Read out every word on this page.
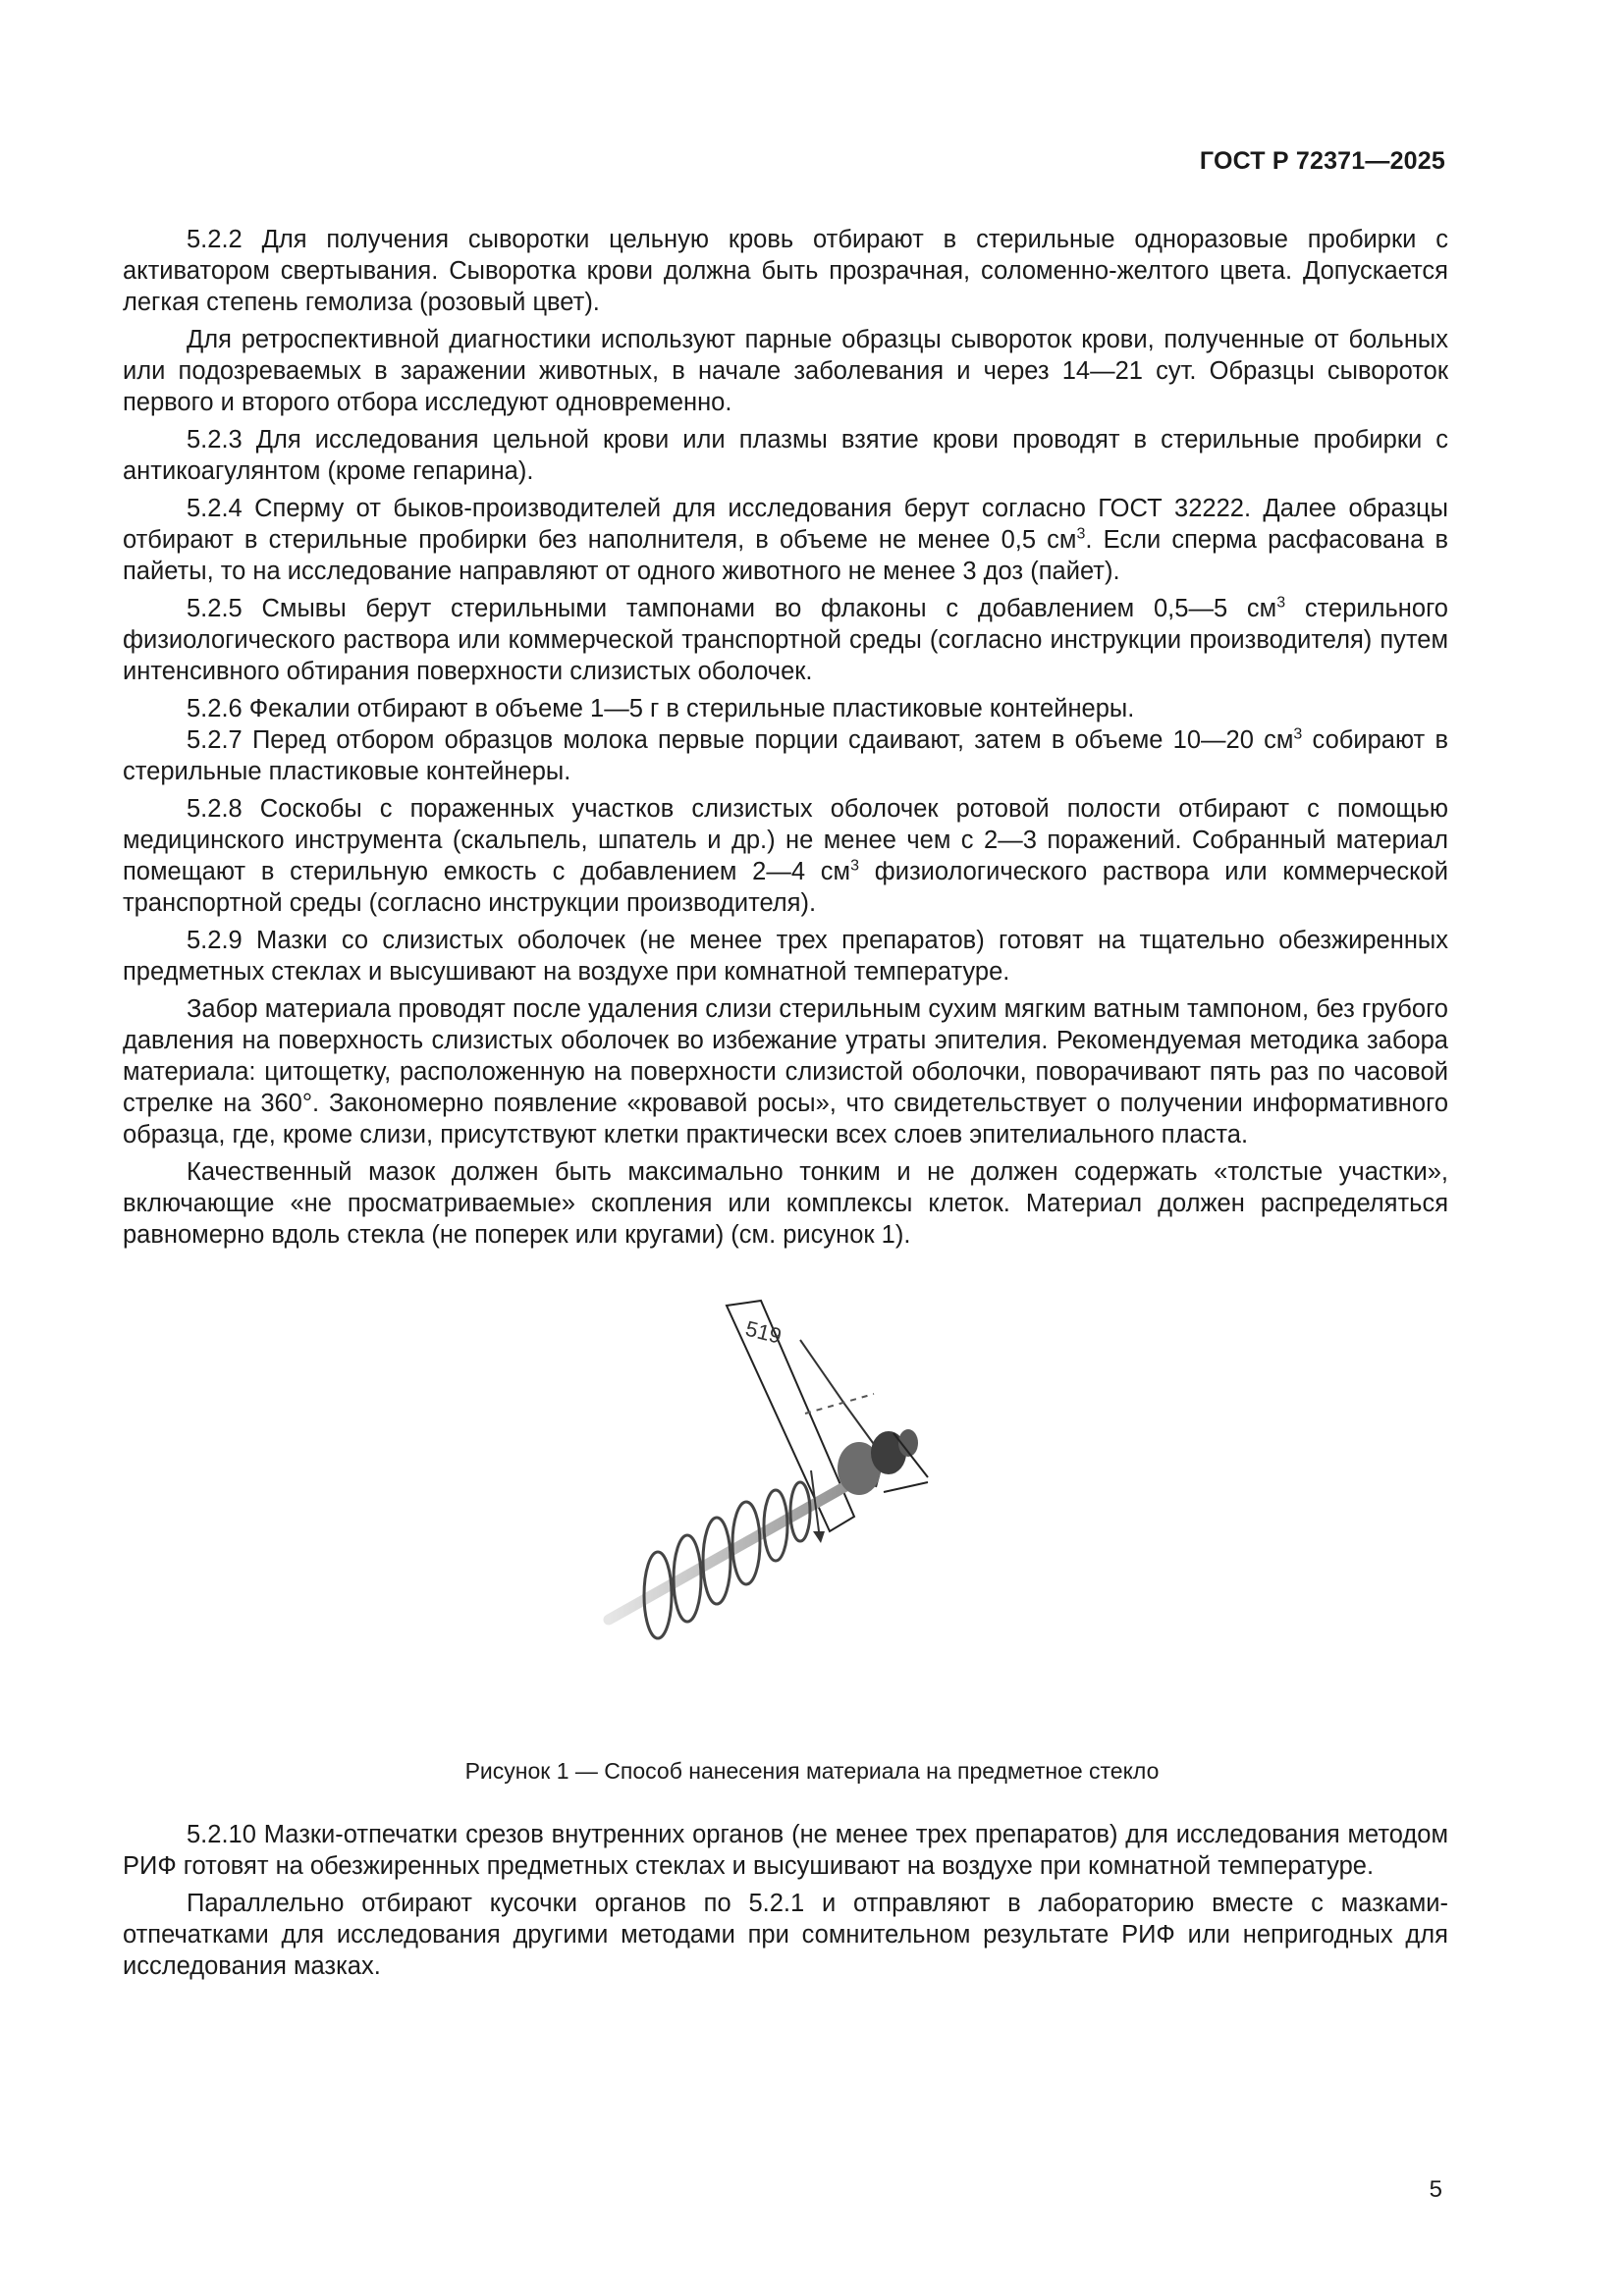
ГОСТ Р 72371—2025

5.2.2 Для получения сыворотки цельную кровь отбирают в стерильные одноразовые пробирки с активатором свертывания. Сыворотка крови должна быть прозрачная, соломенно-желтого цвета. Допускается легкая степень гемолиза (розовый цвет).

Для ретроспективной диагностики используют парные образцы сывороток крови, полученные от больных или подозреваемых в заражении животных, в начале заболевания и через 14—21 сут. Образцы сывороток первого и второго отбора исследуют одновременно.

5.2.3 Для исследования цельной крови или плазмы взятие крови проводят в стерильные пробирки с антикоагулянтом (кроме гепарина).

5.2.4 Сперму от быков-производителей для исследования берут согласно ГОСТ 32222. Далее образцы отбирают в стерильные пробирки без наполнителя, в объеме не менее 0,5 $см^3$. Если сперма расфасована в пайеты, то на исследование направляют от одного животного не менее 3 доз (пайет).

5.2.5 Смывы берут стерильными тампонами во флаконы с добавлением 0,5—5 $см^3$ стерильного физиологического раствора или коммерческой транспортной среды (согласно инструкции производителя) путем интенсивного обтирания поверхности слизистых оболочек.

5.2.6 Фекалии отбирают в объеме 1—5 г в стерильные пластиковые контейнеры.

5.2.7 Перед отбором образцов молока первые порции сдаивают, затем в объеме 10—20 $см^3$ собирают в стерильные пластиковые контейнеры.

5.2.8 Соскобы с пораженных участков слизистых оболочек ротовой полости отбирают с помощью медицинского инструмента (скальпель, шпатель и др.) не менее чем с 2—3 поражений. Собранный материал помещают в стерильную емкость с добавлением 2—4 $см^3$ физиологического раствора или коммерческой транспортной среды (согласно инструкции производителя).

5.2.9 Мазки со слизистых оболочек (не менее трех препаратов) готовят на тщательно обезжиренных предметных стеклах и высушивают на воздухе при комнатной температуре.

Забор материала проводят после удаления слизи стерильным сухим мягким ватным тампоном, без грубого давления на поверхность слизистых оболочек во избежание утраты эпителия. Рекомендуемая методика забора материала: цитощетку, расположенную на поверхности слизистой оболочки, поворачивают пять раз по часовой стрелке на 360°. Закономерно появление «кровавой росы», что свидетельствует о получении информативного образца, где, кроме слизи, присутствуют клетки практически всех слоев эпителиального пласта.

Качественный мазок должен быть максимально тонким и не должен содержать «толстые участки», включающие «не просматриваемые» скопления или комплексы клеток. Материал должен распределяться равномерно вдоль стекла (не поперек или кругами) (см. рисунок 1).

519
Рисунок 1 — Способ нанесения материала на предметное стекло

5.2.10 Мазки-отпечатки срезов внутренних органов (не менее трех препаратов) для исследования методом РИФ готовят на обезжиренных предметных стеклах и высушивают на воздухе при комнатной температуре.

Параллельно отбирают кусочки органов по 5.2.1 и отправляют в лабораторию вместе с мазками-отпечатками для исследования другими методами при сомнительном результате РИФ или непригодных для исследования мазках.

5
